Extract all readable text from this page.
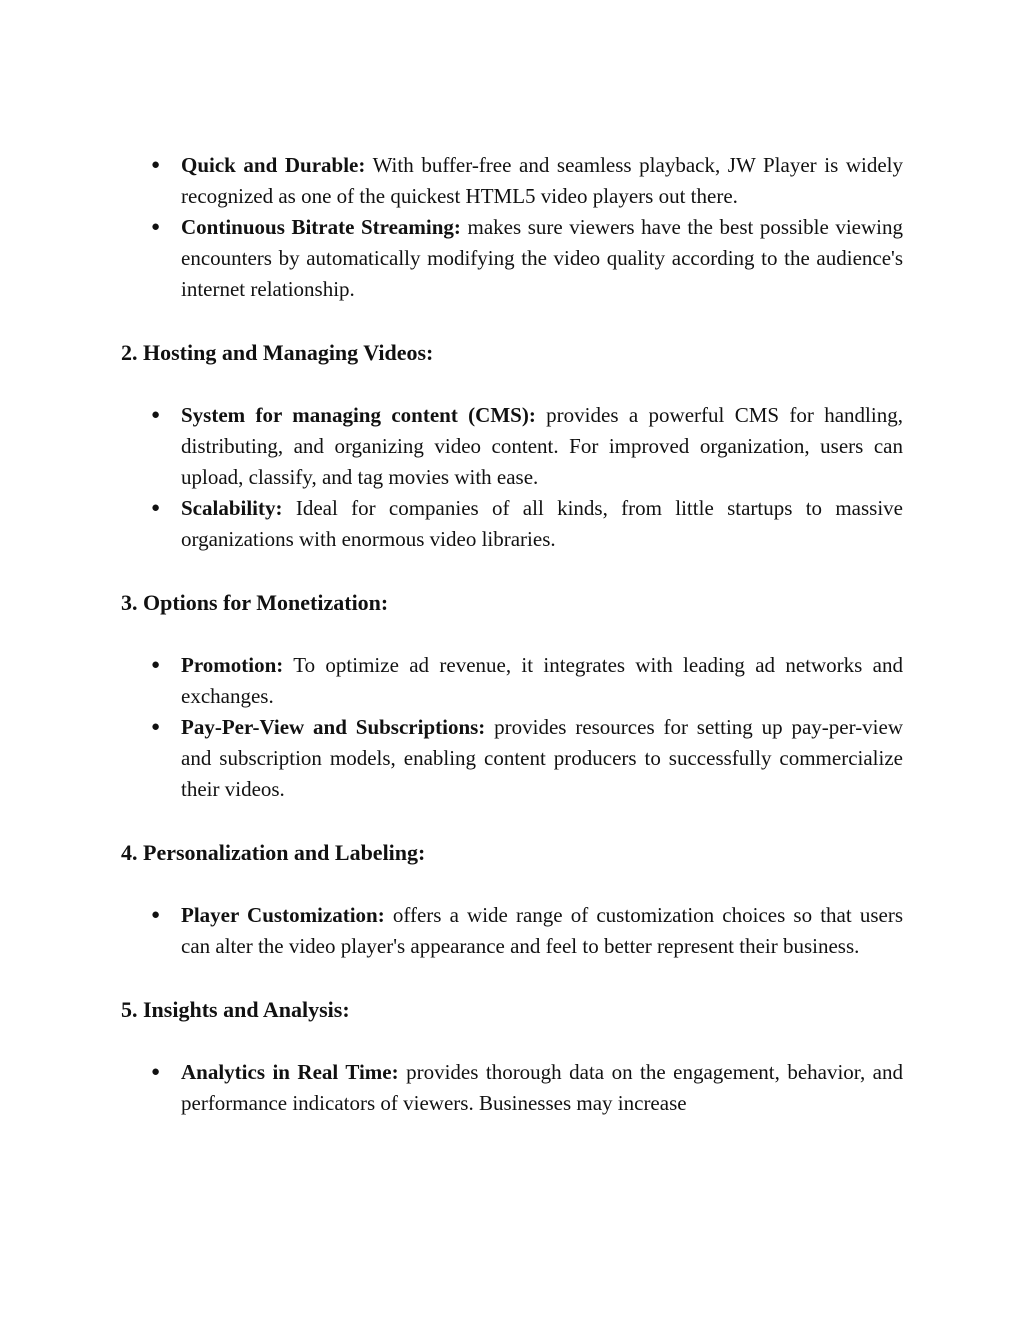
● Quick and Durable: With buffer-free and seamless playback, JW Player is widely recognized as one of the quickest HTML5 video players out there.
● Continuous Bitrate Streaming: makes sure viewers have the best possible viewing encounters by automatically modifying the video quality according to the audience's internet relationship.
2. Hosting and Managing Videos:
● System for managing content (CMS): provides a powerful CMS for handling, distributing, and organizing video content. For improved organization, users can upload, classify, and tag movies with ease.
● Scalability: Ideal for companies of all kinds, from little startups to massive organizations with enormous video libraries.
3. Options for Monetization:
● Promotion: To optimize ad revenue, it integrates with leading ad networks and exchanges.
● Pay-Per-View and Subscriptions: provides resources for setting up pay-per-view and subscription models, enabling content producers to successfully commercialize their videos.
4. Personalization and Labeling:
● Player Customization: offers a wide range of customization choices so that users can alter the video player's appearance and feel to better represent their business.
5. Insights and Analysis:
● Analytics in Real Time: provides thorough data on the engagement, behavior, and performance indicators of viewers. Businesses may increase
